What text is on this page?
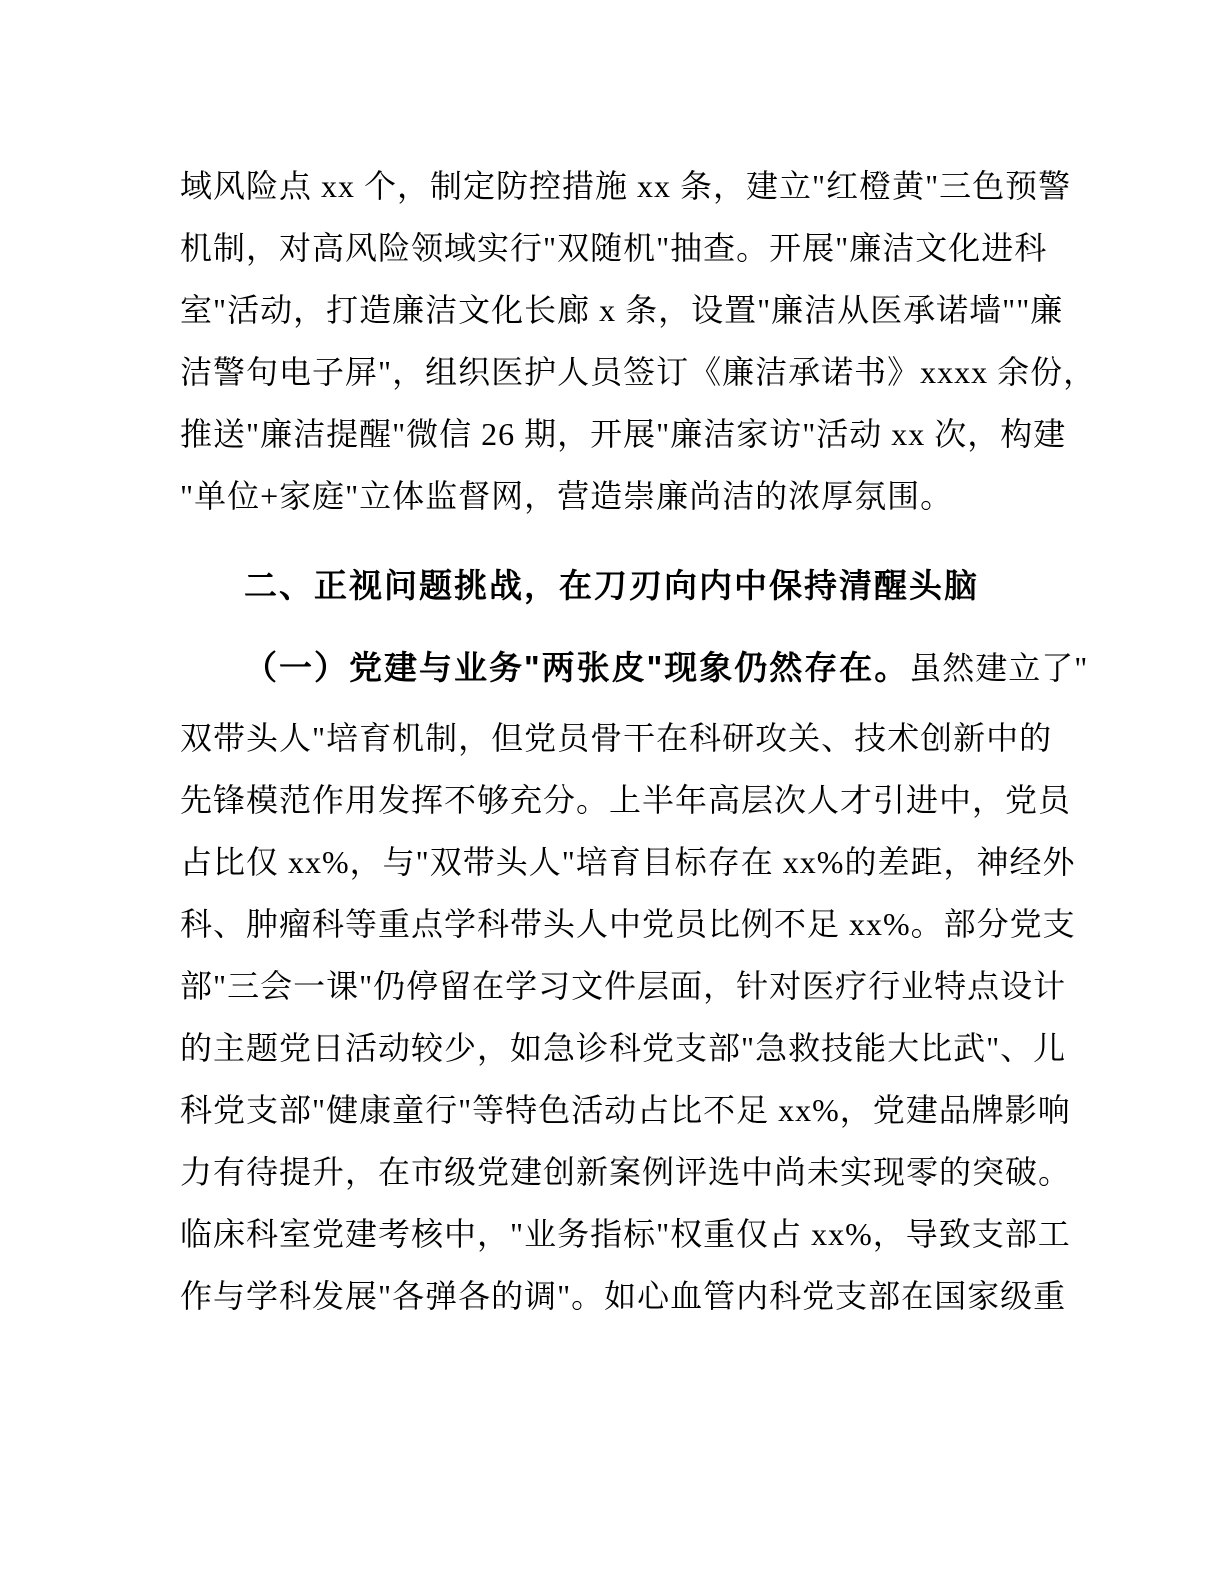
域风险点 xx 个，制定防控措施 xx 条，建立"红橙黄"三色预警
机制，对高风险领域实行"双随机"抽查。开展"廉洁文化进科
室"活动，打造廉洁文化长廊 x 条，设置"廉洁从医承诺墙""廉
洁警句电子屏"，组织医护人员签订《廉洁承诺书》xxxx 余份，
推送"廉洁提醒"微信 26 期，开展"廉洁家访"活动 xx 次，构建
"单位+家庭"立体监督网，营造崇廉尚洁的浓厚氛围。
二、正视问题挑战，在刀刃向内中保持清醒头脑
（一）党建与业务"两张皮"现象仍然存在。虽然建立了"
双带头人"培育机制，但党员骨干在科研攻关、技术创新中的
先锋模范作用发挥不够充分。上半年高层次人才引进中，党员
占比仅 xx%，与"双带头人"培育目标存在 xx%的差距，神经外
科、肿瘤科等重点学科带头人中党员比例不足 xx%。部分党支
部"三会一课"仍停留在学习文件层面，针对医疗行业特点设计
的主题党日活动较少，如急诊科党支部"急救技能大比武"、儿
科党支部"健康童行"等特色活动占比不足 xx%，党建品牌影响
力有待提升，在市级党建创新案例评选中尚未实现零的突破。
临床科室党建考核中，"业务指标"权重仅占 xx%，导致支部工
作与学科发展"各弹各的调"。如心血管内科党支部在国家级重
